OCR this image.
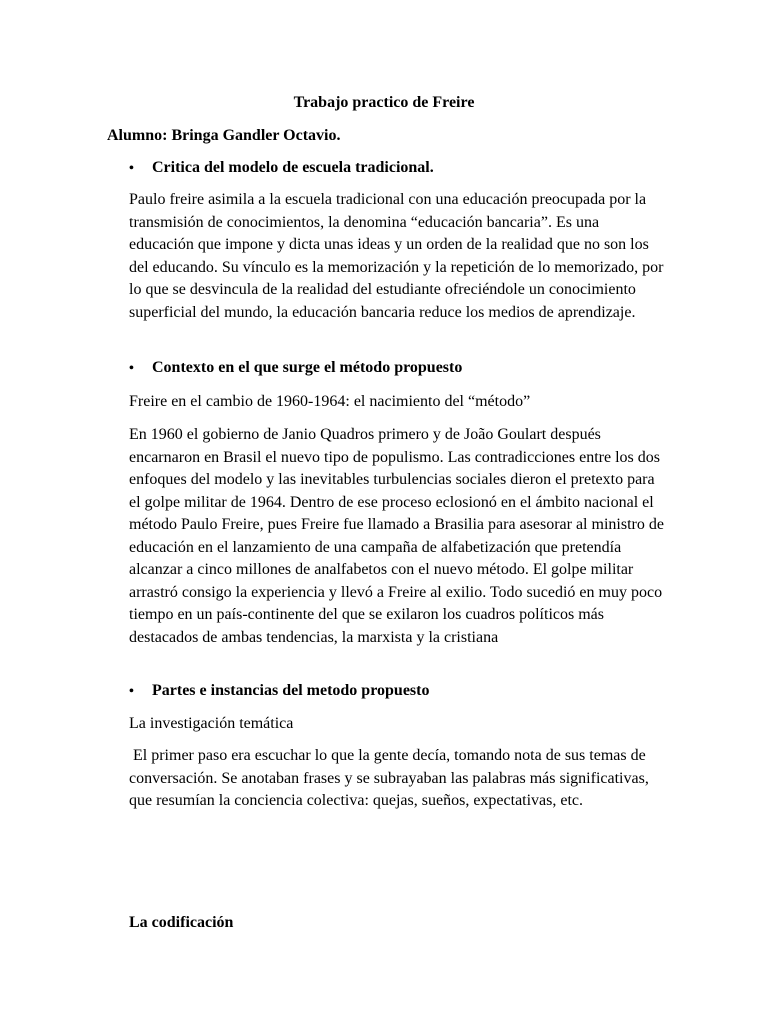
Trabajo practico de Freire
Alumno: Bringa Gandler Octavio.
• Critica del modelo de escuela tradicional.
Paulo freire asimila a la escuela tradicional con una educación preocupada por la transmisión de conocimientos, la denomina “educación bancaria”. Es una educación que impone y dicta unas ideas y un orden de la realidad que no son los del educando. Su vínculo es la memorización y la repetición de lo memorizado, por lo que se desvincula de la realidad del estudiante ofreciéndole un conocimiento superficial del mundo, la educación bancaria reduce los medios de aprendizaje.
• Contexto en el que surge el método propuesto
Freire en el cambio de 1960-1964: el nacimiento del “método”
En 1960 el gobierno de Janio Quadros primero y de João Goulart después encarnaron en Brasil el nuevo tipo de populismo. Las contradicciones entre los dos enfoques del modelo y las inevitables turbulencias sociales dieron el pretexto para el golpe militar de 1964. Dentro de ese proceso eclosionó en el ámbito nacional el método Paulo Freire, pues Freire fue llamado a Brasilia para asesorar al ministro de educación en el lanzamiento de una campaña de alfabetización que pretendía alcanzar a cinco millones de analfabetos con el nuevo método. El golpe militar arrastró consigo la experiencia y llevó a Freire al exilio. Todo sucedió en muy poco tiempo en un país-continente del que se exilaron los cuadros políticos más destacados de ambas tendencias, la marxista y la cristiana
• Partes e instancias del metodo propuesto
La investigación temática
El primer paso era escuchar lo que la gente decía, tomando nota de sus temas de conversación. Se anotaban frases y se subrayaban las palabras más significativas, que resumían la conciencia colectiva: quejas, sueños, expectativas, etc.
La codificación
